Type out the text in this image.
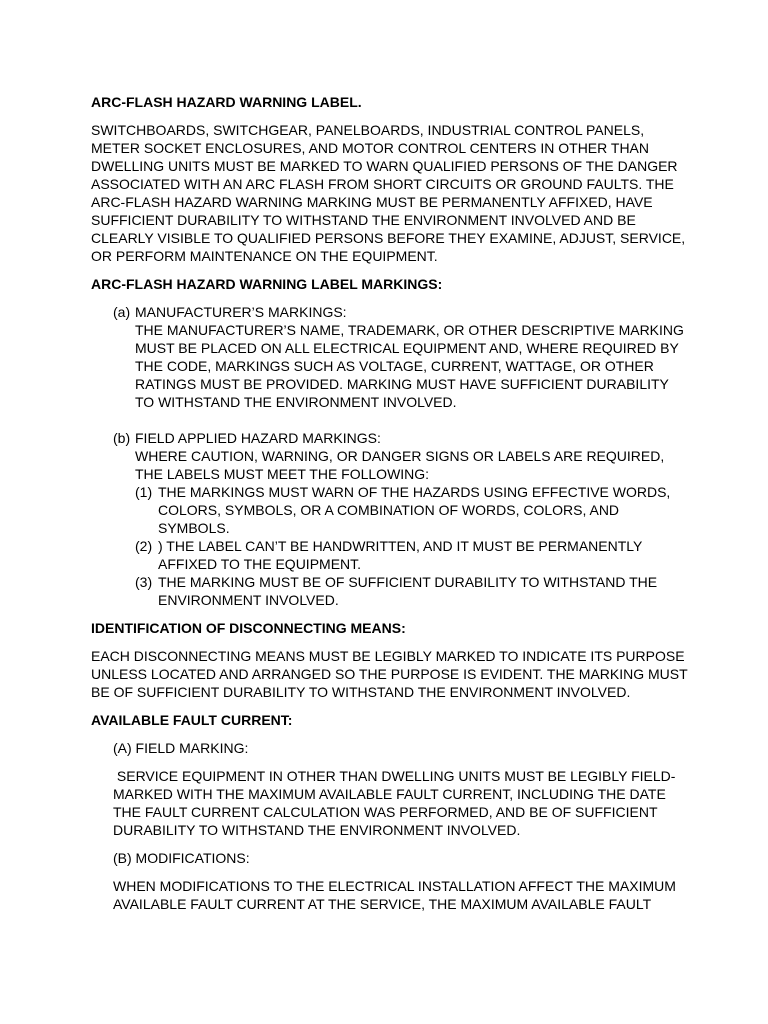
ARC-FLASH HAZARD WARNING LABEL.
SWITCHBOARDS, SWITCHGEAR, PANELBOARDS, INDUSTRIAL CONTROL PANELS, METER SOCKET ENCLOSURES, AND MOTOR CONTROL CENTERS IN OTHER THAN DWELLING UNITS MUST BE MARKED TO WARN QUALIFIED PERSONS OF THE DANGER ASSOCIATED WITH AN ARC FLASH FROM SHORT CIRCUITS OR GROUND FAULTS. THE ARC-FLASH HAZARD WARNING MARKING MUST BE PERMANENTLY AFFIXED, HAVE SUFFICIENT DURABILITY TO WITHSTAND THE ENVIRONMENT INVOLVED AND BE CLEARLY VISIBLE TO QUALIFIED PERSONS BEFORE THEY EXAMINE, ADJUST, SERVICE, OR PERFORM MAINTENANCE ON THE EQUIPMENT.
ARC-FLASH HAZARD WARNING LABEL MARKINGS:
(a) MANUFACTURER’S MARKINGS:
THE MANUFACTURER’S NAME, TRADEMARK, OR OTHER DESCRIPTIVE MARKING MUST BE PLACED ON ALL ELECTRICAL EQUIPMENT AND, WHERE REQUIRED BY THE CODE, MARKINGS SUCH AS VOLTAGE, CURRENT, WATTAGE, OR OTHER RATINGS MUST BE PROVIDED. MARKING MUST HAVE SUFFICIENT DURABILITY TO WITHSTAND THE ENVIRONMENT INVOLVED.
(b) FIELD APPLIED HAZARD MARKINGS:
WHERE CAUTION, WARNING, OR DANGER SIGNS OR LABELS ARE REQUIRED, THE LABELS MUST MEET THE FOLLOWING:
(1) THE MARKINGS MUST WARN OF THE HAZARDS USING EFFECTIVE WORDS, COLORS, SYMBOLS, OR A COMBINATION OF WORDS, COLORS, AND SYMBOLS.
(2) ) THE LABEL CAN’T BE HANDWRITTEN, AND IT MUST BE PERMANENTLY AFFIXED TO THE EQUIPMENT.
(3) THE MARKING MUST BE OF SUFFICIENT DURABILITY TO WITHSTAND THE ENVIRONMENT INVOLVED.
IDENTIFICATION OF DISCONNECTING MEANS:
EACH DISCONNECTING MEANS MUST BE LEGIBLY MARKED TO INDICATE ITS PURPOSE UNLESS LOCATED AND ARRANGED SO THE PURPOSE IS EVIDENT. THE MARKING MUST BE OF SUFFICIENT DURABILITY TO WITHSTAND THE ENVIRONMENT INVOLVED.
AVAILABLE FAULT CURRENT:
(A) FIELD MARKING:
SERVICE EQUIPMENT IN OTHER THAN DWELLING UNITS MUST BE LEGIBLY FIELD-MARKED WITH THE MAXIMUM AVAILABLE FAULT CURRENT, INCLUDING THE DATE THE FAULT CURRENT CALCULATION WAS PERFORMED, AND BE OF SUFFICIENT DURABILITY TO WITHSTAND THE ENVIRONMENT INVOLVED.
(B) MODIFICATIONS:
WHEN MODIFICATIONS TO THE ELECTRICAL INSTALLATION AFFECT THE MAXIMUM AVAILABLE FAULT CURRENT AT THE SERVICE, THE MAXIMUM AVAILABLE FAULT
